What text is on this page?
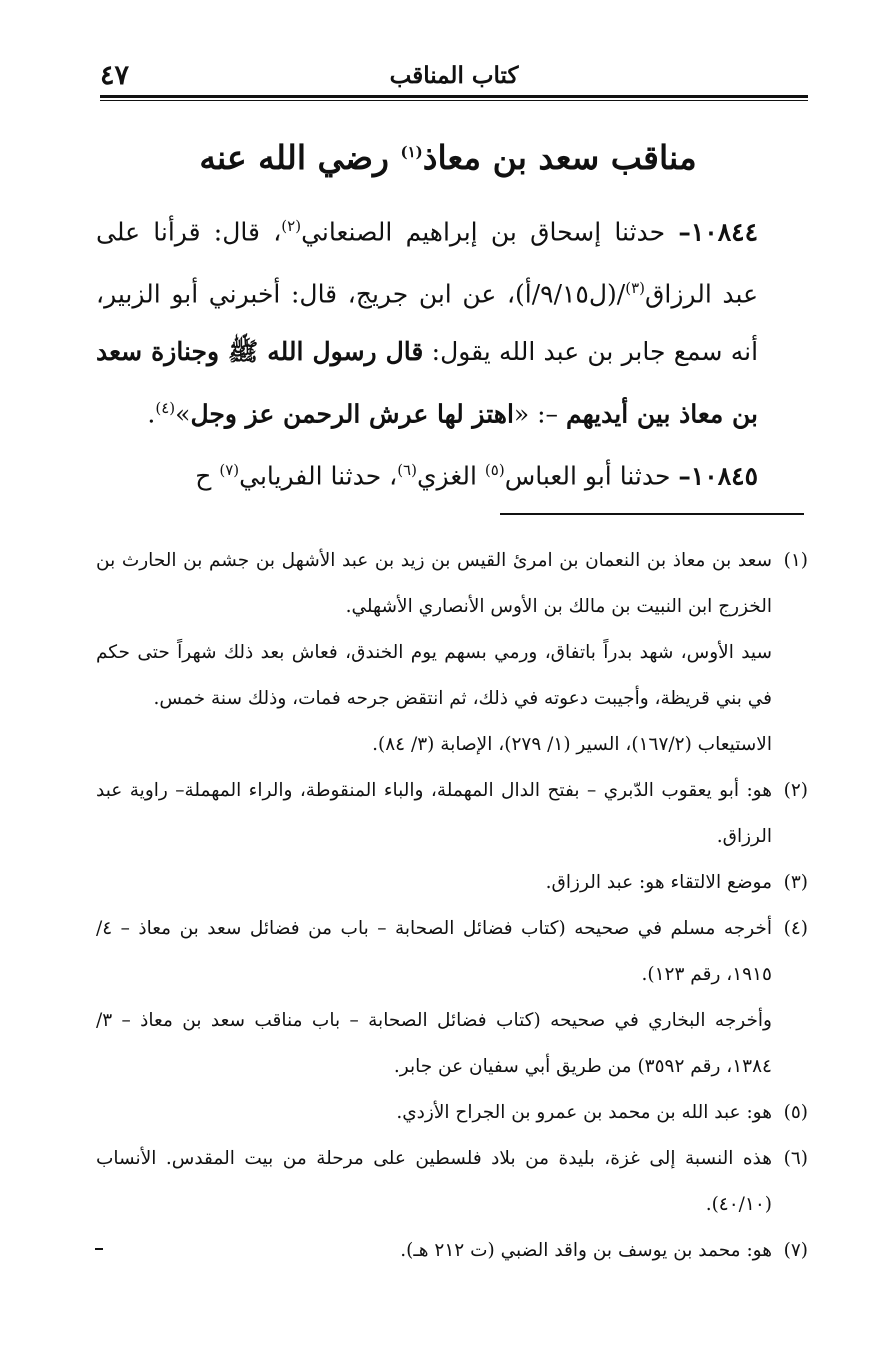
كتاب المناقب
٤٧
مناقب سعد بن معاذ$^{(١)}$ رضي الله عنه

١٠٨٤٤– حدثنا إسحاق بن إبراهيم الصنعاني$^{(٢)}$، قال: قرأنا على عبد الرزاق$^{(٣)}$/(ل٩/١٥/أ)، عن ابن جريج، قال: أخبرني أبو الزبير، أنه سمع جابر بن عبد الله يقول: قال رسول الله ﷺ وجنازة سعد بن معاذ بين أيديهم –: «اهتز لها عرش الرحمن عز وجل»$^{(٤)}$.

١٠٨٤٥– حدثنا أبو العباس$^{(٥)}$ الغزي$^{(٦)}$، حدثنا الفريابي$^{(٧)}$ ح

(١)

سعد بن معاذ بن النعمان بن امرئ القيس بن زيد بن عبد الأشهل بن جشم بن الحارث بن الخزرج ابن النبيت بن مالك بن الأوس الأنصاري الأشهلي.

سيد الأوس، شهد بدراً باتفاق، ورمي بسهم يوم الخندق، فعاش بعد ذلك شهراً حتى حكم في بني قريظة، وأجيبت دعوته في ذلك، ثم انتقض جرحه فمات، وذلك سنة خمس.

الاستيعاب (١٦٧/٢)، السير (١/ ٢٧٩)، الإصابة (٣/ ٨٤).

(٢)

هو: أبو يعقوب الدّبري – بفتح الدال المهملة، والباء المنقوطة، والراء المهملة– راوية عبد الرزاق.

(٣)

موضع الالتقاء هو: عبد الرزاق.

(٤)

أخرجه مسلم في صحيحه (كتاب فضائل الصحابة – باب من فضائل سعد بن معاذ – ٤/ ١٩١٥، رقم ١٢٣).

وأخرجه البخاري في صحيحه (كتاب فضائل الصحابة – باب مناقب سعد بن معاذ – ٣/ ١٣٨٤، رقم ٣٥٩٢) من طريق أبي سفيان عن جابر.

(٥)

هو: عبد الله بن محمد بن عمرو بن الجراح الأزدي.

(٦)

هذه النسبة إلى غزة، بليدة من بلاد فلسطين على مرحلة من بيت المقدس. الأنساب (٤٠/١٠).

(٧)

هو: محمد بن يوسف بن واقد الضبي (ت ٢١٢ هـ).
